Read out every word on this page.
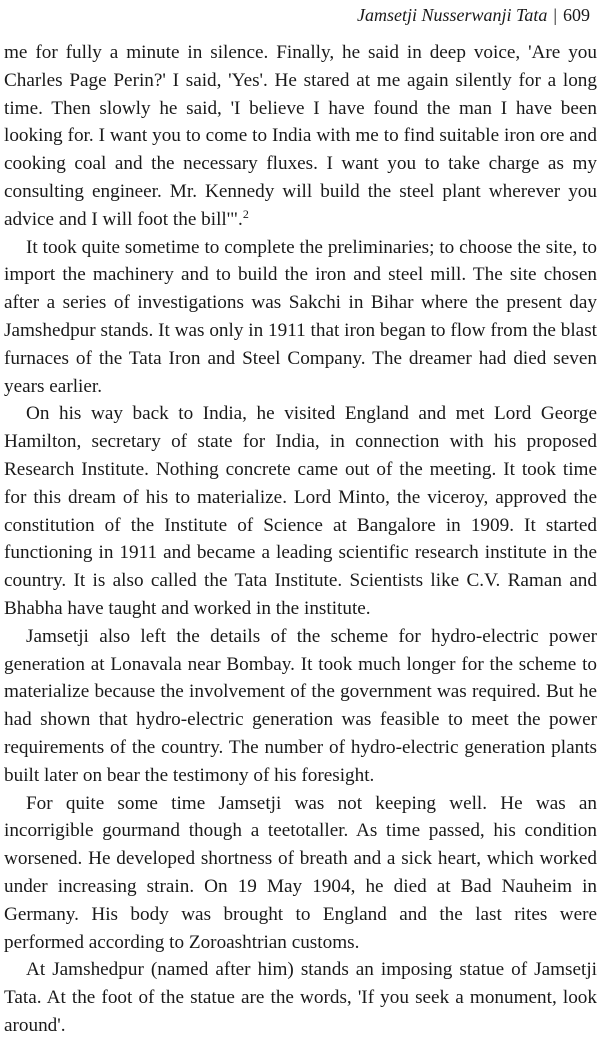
Jamsetji Nusserwanji Tata | 609

me for fully a minute in silence. Finally, he said in deep voice, 'Are you Charles Page Perin?' I said, 'Yes'. He stared at me again silently for a long time. Then slowly he said, 'I believe I have found the man I have been looking for. I want you to come to India with me to find suitable iron ore and cooking coal and the necessary fluxes. I want you to take charge as my consulting engineer. Mr. Kennedy will build the steel plant wherever you advice and I will foot the bill'".$^2$

It took quite sometime to complete the preliminaries; to choose the site, to import the machinery and to build the iron and steel mill. The site chosen after a series of investigations was Sakchi in Bihar where the present day Jamshedpur stands. It was only in 1911 that iron began to flow from the blast furnaces of the Tata Iron and Steel Company. The dreamer had died seven years earlier.

On his way back to India, he visited England and met Lord George Hamilton, secretary of state for India, in connection with his proposed Research Institute. Nothing concrete came out of the meeting. It took time for this dream of his to materialize. Lord Minto, the viceroy, approved the constitution of the Institute of Science at Bangalore in 1909. It started functioning in 1911 and became a leading scientific research institute in the country. It is also called the Tata Institute. Scientists like C.V. Raman and Bhabha have taught and worked in the institute.

Jamsetji also left the details of the scheme for hydro-electric power generation at Lonavala near Bombay. It took much longer for the scheme to materialize because the involvement of the government was required. But he had shown that hydro-electric generation was feasible to meet the power requirements of the country. The number of hydro-electric generation plants built later on bear the testimony of his foresight.

For quite some time Jamsetji was not keeping well. He was an incorrigible gourmand though a teetotaller. As time passed, his condition worsened. He developed shortness of breath and a sick heart, which worked under increasing strain. On 19 May 1904, he died at Bad Nauheim in Germany. His body was brought to England and the last rites were performed according to Zoroashtrian customs.

At Jamshedpur (named after him) stands an imposing statue of Jamsetji Tata. At the foot of the statue are the words, 'If you seek a monument, look around'.
